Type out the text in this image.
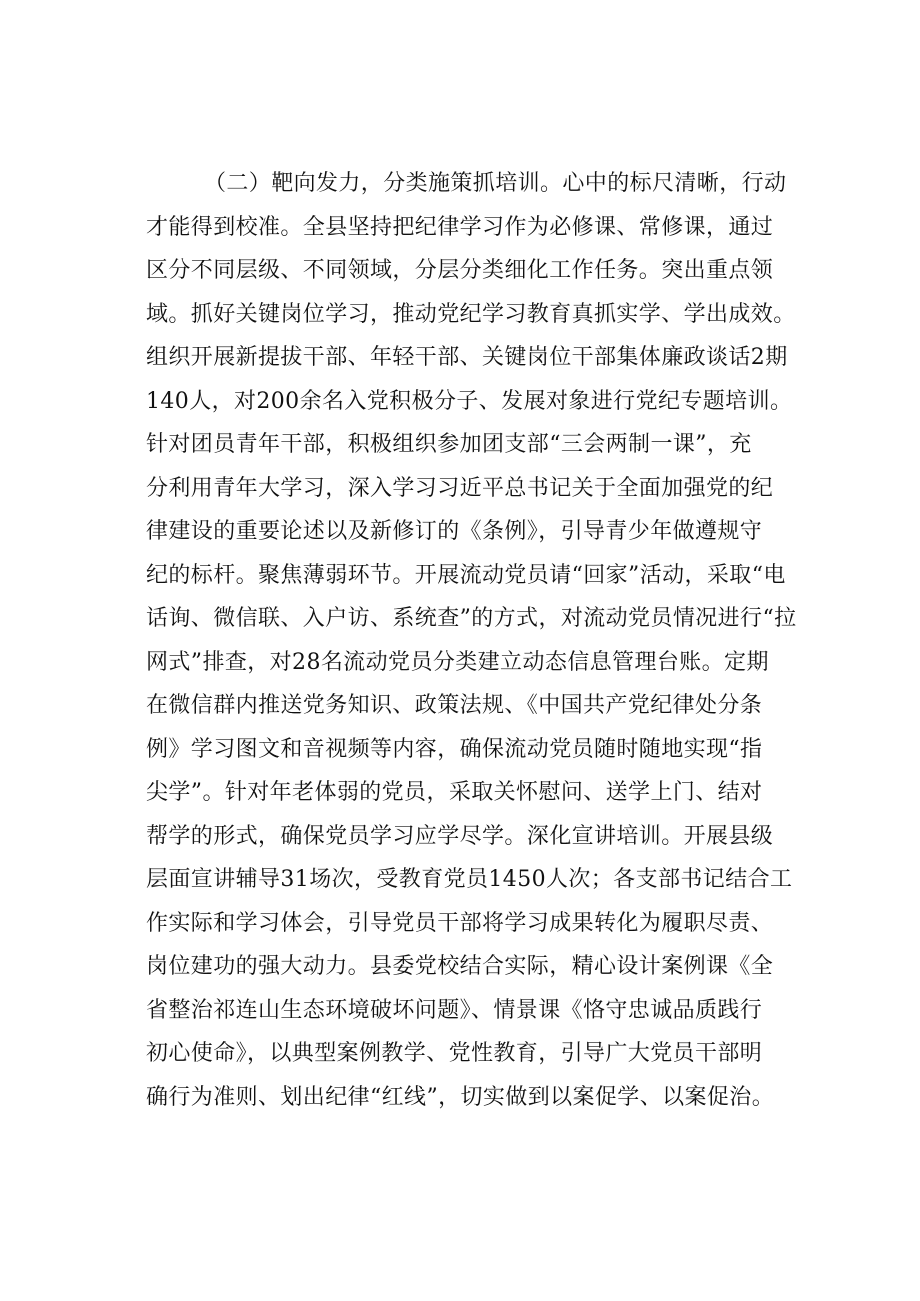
（二）靶向发力，分类施策抓培训。心中的标尺清晰，行动
才能得到校准。全县坚持把纪律学习作为必修课、常修课，通过
区分不同层级、不同领域，分层分类细化工作任务。突出重点领
域。抓好关键岗位学习，推动党纪学习教育真抓实学、学出成效。
组织开展新提拔干部、年轻干部、关键岗位干部集体廉政谈话2期
140人，对200余名入党积极分子、发展对象进行党纪专题培训。
针对团员青年干部，积极组织参加团支部“三会两制一课”，充
分利用青年大学习，深入学习习近平总书记关于全面加强党的纪
律建设的重要论述以及新修订的《条例》，引导青少年做遵规守
纪的标杆。聚焦薄弱环节。开展流动党员请“回家”活动，采取“电
话询、微信联、入户访、系统查”的方式，对流动党员情况进行“拉
网式”排查，对28名流动党员分类建立动态信息管理台账。定期
在微信群内推送党务知识、政策法规、《中国共产党纪律处分条
例》学习图文和音视频等内容，确保流动党员随时随地实现“指
尖学”。针对年老体弱的党员，采取关怀慰问、送学上门、结对
帮学的形式，确保党员学习应学尽学。深化宣讲培训。开展县级
层面宣讲辅导31场次，受教育党员1450人次；各支部书记结合工
作实际和学习体会，引导党员干部将学习成果转化为履职尽责、
岗位建功的强大动力。县委党校结合实际，精心设计案例课《全
省整治祁连山生态环境破坏问题》、情景课《恪守忠诚品质践行
初心使命》，以典型案例教学、党性教育，引导广大党员干部明
确行为准则、划出纪律“红线”，切实做到以案促学、以案促治。
